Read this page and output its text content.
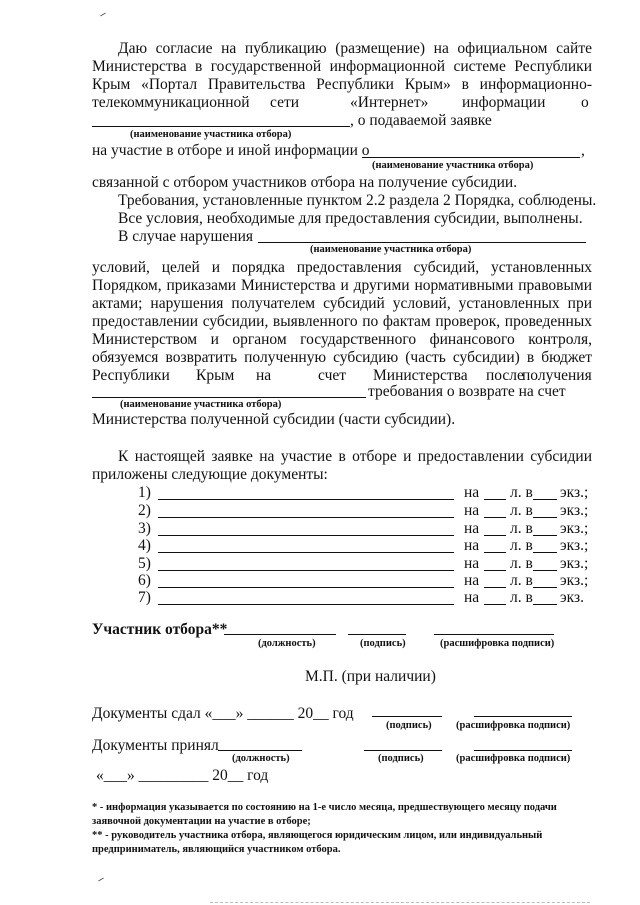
Даю согласие на публикацию (размещение) на официальном сайте
Министерства в государственной информационной системе Республики
Крым «Портал Правительства Республики Крым» в информационно-
телекоммуникационной сети	«Интернет» информации о
, о подаваемой заявке
(наименование участника отбора)
на участие в отборе и иной информации о	,
(наименование участника отбора)
связанной с отбором участников отбора на получение субсидии.
Требования, установленные пунктом 2.2 раздела 2 Порядка, соблюдены.
Все условия, необходимые для предоставления субсидии, выполнены.
В случае нарушения
(наименование участника отбора)
условий, целей и порядка предоставления субсидий, установленных
Порядком, приказами Министерства и другими нормативными правовыми
актами; нарушения получателем субсидий условий, установленных при
предоставлении субсидии, выявленного по фактам проверок, проведенных
Министерством и органом государственного финансового контроля,
обязуемся возвратить полученную субсидию (часть субсидии) в бюджет
Республики Крым на	счет Министерства после
получения
требования о возврате на счет
(наименование участника отбора)
Министерства полученной субсидии (части субсидии).
К настоящей заявке на участие в отборе и предоставлении субсидии
приложены следующие документы:
1)	на л. в экз.;
2)	на л. в экз.;
3)	на л. в экз.;
4)	на л. в экз.;
5)	на л. в экз.;
6)	на л. в экз.;
7)	на л. в экз.
Участник отбора**
(должность)	(подпись)	(расшифровка подписи)
М.П. (при наличии)
Документы сдал «___» ______ 20__ год
(подпись) (расшифровка подписи)
Документы принял
(должность)	(подпись)	(расшифровка подписи)
«___» _________ 20__ год
* - информация указывается по состоянию на 1-е число месяца, предшествующего месяцу подачи
заявочной документации на участие в отборе;
** - руководитель участника отбора, являющегося юридическим лицом, или индивидуальный
предприниматель, являющийся участником отбора.
